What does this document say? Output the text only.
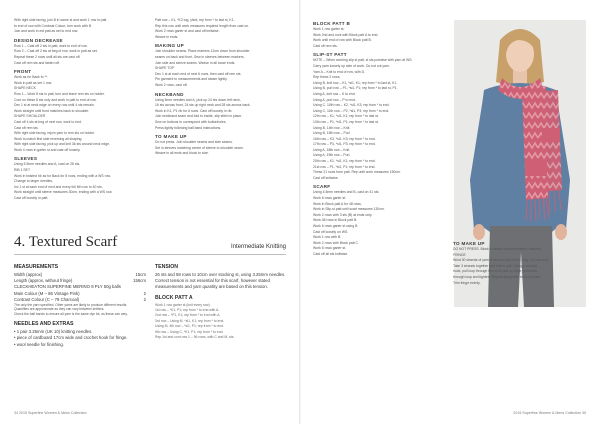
With right side facing, join B in same st and work 1 row in patt
to end of row with Contrast Colour, turn work with B
Join and work in est patt as set to end row.
DESIGN DECREASE
Row 1 – Cast off 2 sts in patt, work to end of row.
Row 2 – Cast off 2 sts at beg of row, work in patt as set.
Repeat these 2 rows until all sts are cast off.
Cast off rem sts and fasten off.
FRONT
Work as for Back to **.
Work in patt as set 1 row.
SHAPE NECK
Row 1 – Work 8 sts in patt, turn and leave rem sts on holder.
Cont on these 8 sts only and work in patt to end of row.
Dec 1 st at neck edge on every row until 4 sts remain.
Work straight until front matches back to shoulder.
SHAPE SHOULDER
Cast off 4 sts at beg of next row, work to end.
Cast off rem sts.
With right side facing, rejoin yarn to rem sts on holder.
Work to match first side reversing all shaping.
With right side facing, pick up and knit 36 sts around neck edge.
Work 4 rows in garter st and cast off loosely.
SLEEVES
Using 5.5mm needles and A, cast on 28 sts.
RIB 1 SET
Work in twisted rib as for Back for 8 rows, ending with a WS row.
Change to larger needles.
Inc 1 st at each end of next and every foll 6th row to 40 sts.
Work straight until sleeve measures 30cm, ending with a WS row.
Cast off loosely in patt.
Patt row – K1, *K2 tog, yfwd, rep from * to last st, K1.
Rep this row until work measures required length from cast on.
Work 2 rows garter st and cast off knitwise.
Weave in ends.
MAKING UP
Join shoulder seams. Place markers 12cm down from shoulder
seams on back and front. Sew in sleeves between markers.
Join side and sleeve seams. Weave in all loose ends.
SHAPE TOP
Dec 1 st at each end of next 6 rows, then cast off rem sts.
Pin garment to measurements and steam lightly.
Work 2 rows, cast off.
NECKBAND
Using 5mm needles and A, pick up 24 sts down left neck,
16 sts across front, 24 sts up right neck and 28 sts across back.
Work in K1, P1 rib for 6 rows. Cast off loosely in rib.
Join neckband seam and fold to inside, slip stitch in place.
Sew on buttons to correspond with buttonholes.
Press lightly following ball band instructions.
TO MAKE UP
Do not press. Join shoulder seams and side seams.
Set in sleeves matching centre of sleeve to shoulder seam.
Weave in all ends and block to size.
BLOCK PATT B
Work 1 row garter st.
Work 2nd and cont with Block patt A to end.
Work until end of row with Block patt B.
Cast off rem sts.
SLIP-ST PATT
NOTE – When working slip st patt, sl sts purlwise with yarn at WS.
Carry yarn loosely up side of work. Do not cut yarn.
Yarn A – Knit to end of row, with D.
Rep these 2 rows.
Using B, knit row – K1, *sl1, K1; rep from * to last st, K1.
Using B, purl row – P1, *sl1, P1; rep from * to last st, P1.
Using A, knit row – K to end.
Using A, purl row – P to end.
Using C, 10th row – K2, *sl1, K3; rep from * to end.
Using C, 11th row – P2, *sl1, P3; rep from * to end.
12th row – K1, *sl1, K1; rep from * to last st.
13th row – P1, *sl1, P1; rep from * to last st.
Using B, 14th row – Knit.
Using B, 15th row – Purl.
16th row – K3, *sl1, K3; rep from * to end.
17th row – P3, *sl1, P3; rep from * to end.
Using A, 18th row – Knit.
Using A, 19th row – Purl.
20th row – K1, *sl1, K1; rep from * to end.
21st row – P1, *sl1, P1; rep from * to end.
These 21 rows form patt. Rep until work measures 150cm.
Cast off knitwise.
SCARF
Using 4.5mm needles and B, cast on 41 sts.
Work 6 rows garter st.
Work in Block patt A for 48 rows.
Work in Slip-st patt until scarf measures 130cm.
Work 2 rows with 3 sts (B) at ends only.
Work 48 rows in Block patt B.
Work 6 rows garter st using B.
Cast off loosely on WS.
Work 1 row with B.
Work 2 rows with Block patt C.
Work 6 rows garter st.
Cast off all sts knitwise.
TO MAKE UP
DO NOT PRESS. Block to stated measurements if desired.
FRINGE
Wind 30 strands of yarn B around card 25cm long. Cut one end.
Take 3 strands together and fold in half. Using a crochet
hook, pull loop through first st at cast on edge, pull ends
through loop and tighten. Repeat along both ends of scarf.
Trim fringe evenly.
4. Textured Scarf	Intermediate Knitting
MEASUREMENTS
Width (approx)	15cm
Length (approx, without fringe)	156cm
CLECKHEATON SUPERFINE MERINO 8 PLY 50g balls
Main Colour (M – 86 Vintage Pink)	2
Contrast Colour (C – 78 Charcoal)	2
The only the yarn specified. Other yarns are likely to produce different results.
Quantities are approximate as they can vary between knitters.
Check the ball bands to ensure all yarn is the same dye lot, as these can vary.
NEEDLES AND EXTRAS
• 1 pair 3.25mm (UK 10) knitting needles.
• piece of cardboard 17cm wide and crochet hook for fringe.
• wool needle for finishing.
TENSION
26 sts and 58 rows to 10cm over stocking st, using 3.25mm needles.
Correct tension is not essential for this scarf, however stated
measurements and yarn quantity are based on this tension.
BLOCK PATT A
Work 1 row garter st (knit every row).
1st row – *K1, P1; rep from * to end with A.
2nd row – *P1, K1; rep from * to end with A.
3rd row – Using M, *sl1, K1; rep from * to end.
Using M, 4th row – *sl1, P1; rep from * to end.
5th row – Using C, *K1, P1; rep from * to end.
Rep 1st and cont row 1 – 96 rows, with C and M, sts.
34 2015 Superfine Women & Mens Collection	2015 Superfine Women & Mens Collection 35
